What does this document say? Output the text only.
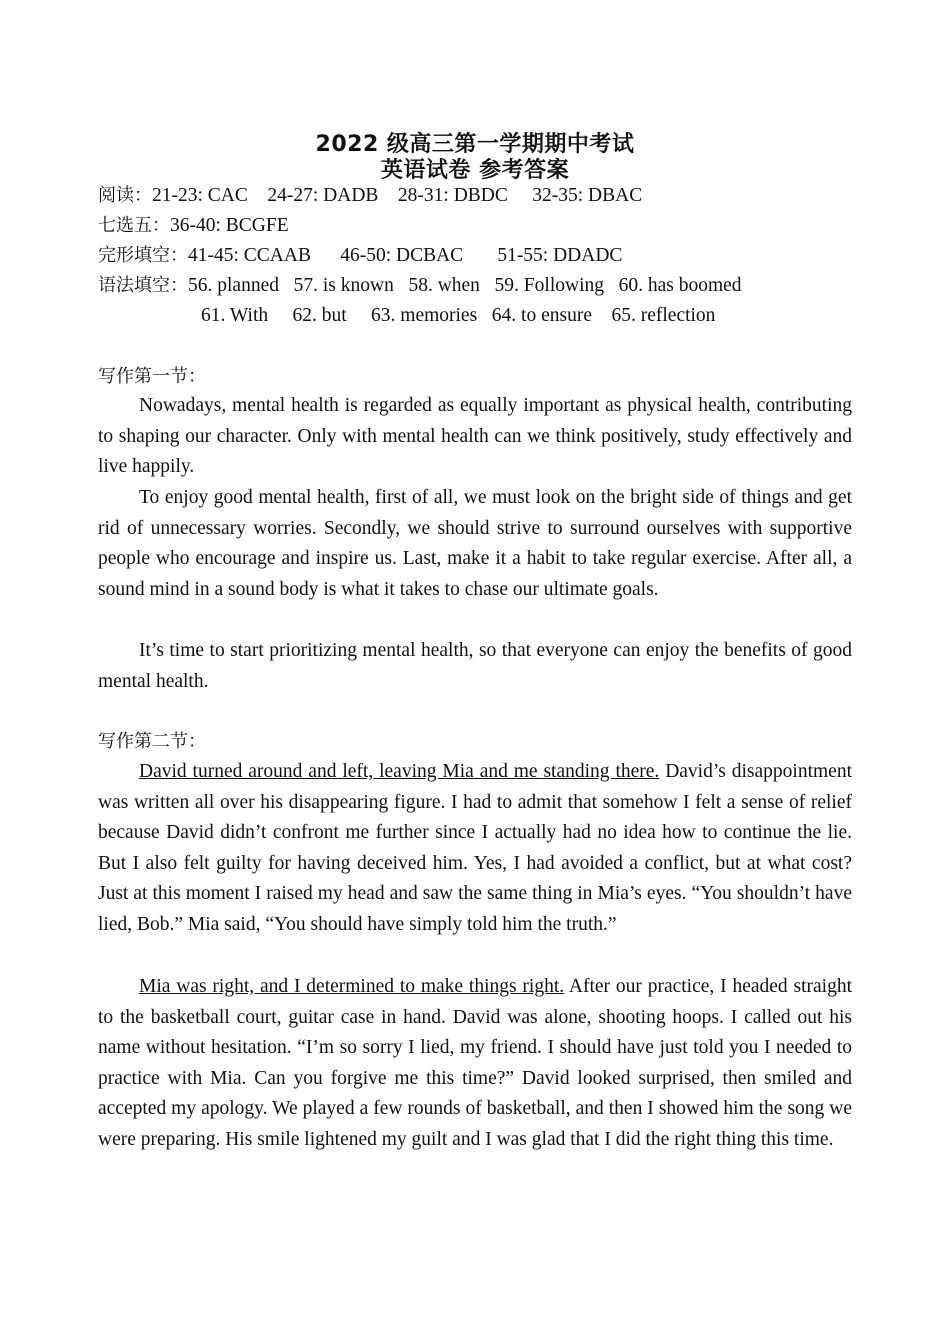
2022 级高三第一学期期中考试
英语试卷 参考答案
阅读：21-23: CAC    24-27: DADB    28-31: DBDC     32-35: DBAC
七选五：36-40: BCGFE
完形填空：41-45: CCAAB      46-50: DCBAC       51-55: DDADC
语法填空：56. planned   57. is known   58. when   59. Following   60. has boomed
61. With     62. but     63. memories   64. to ensure    65. reflection
写作第一节：

Nowadays, mental health is regarded as equally important as physical health, contributing to shaping our character. Only with mental health can we think positively, study effectively and live happily.

To enjoy good mental health, first of all, we must look on the bright side of things and get rid of unnecessary worries. Secondly, we should strive to surround ourselves with supportive people who encourage and inspire us. Last, make it a habit to take regular exercise. After all, a sound mind in a sound body is what it takes to chase our ultimate goals.

It’s time to start prioritizing mental health, so that everyone can enjoy the benefits of good mental health.

写作第二节：

David turned around and left, leaving Mia and me standing there. David’s disappointment was written all over his disappearing figure. I had to admit that somehow I felt a sense of relief because David didn’t confront me further since I actually had no idea how to continue the lie. But I also felt guilty for having deceived him. Yes, I had avoided a conflict, but at what cost? Just at this moment I raised my head and saw the same thing in Mia’s eyes. “You shouldn’t have lied, Bob.” Mia said, “You should have simply told him the truth.”

Mia was right, and I determined to make things right. After our practice, I headed straight to the basketball court, guitar case in hand. David was alone, shooting hoops. I called out his name without hesitation. “I’m so sorry I lied, my friend. I should have just told you I needed to practice with Mia. Can you forgive me this time?” David looked surprised, then smiled and accepted my apology. We played a few rounds of basketball, and then I showed him the song we were preparing. His smile lightened my guilt and I was glad that I did the right thing this time.
